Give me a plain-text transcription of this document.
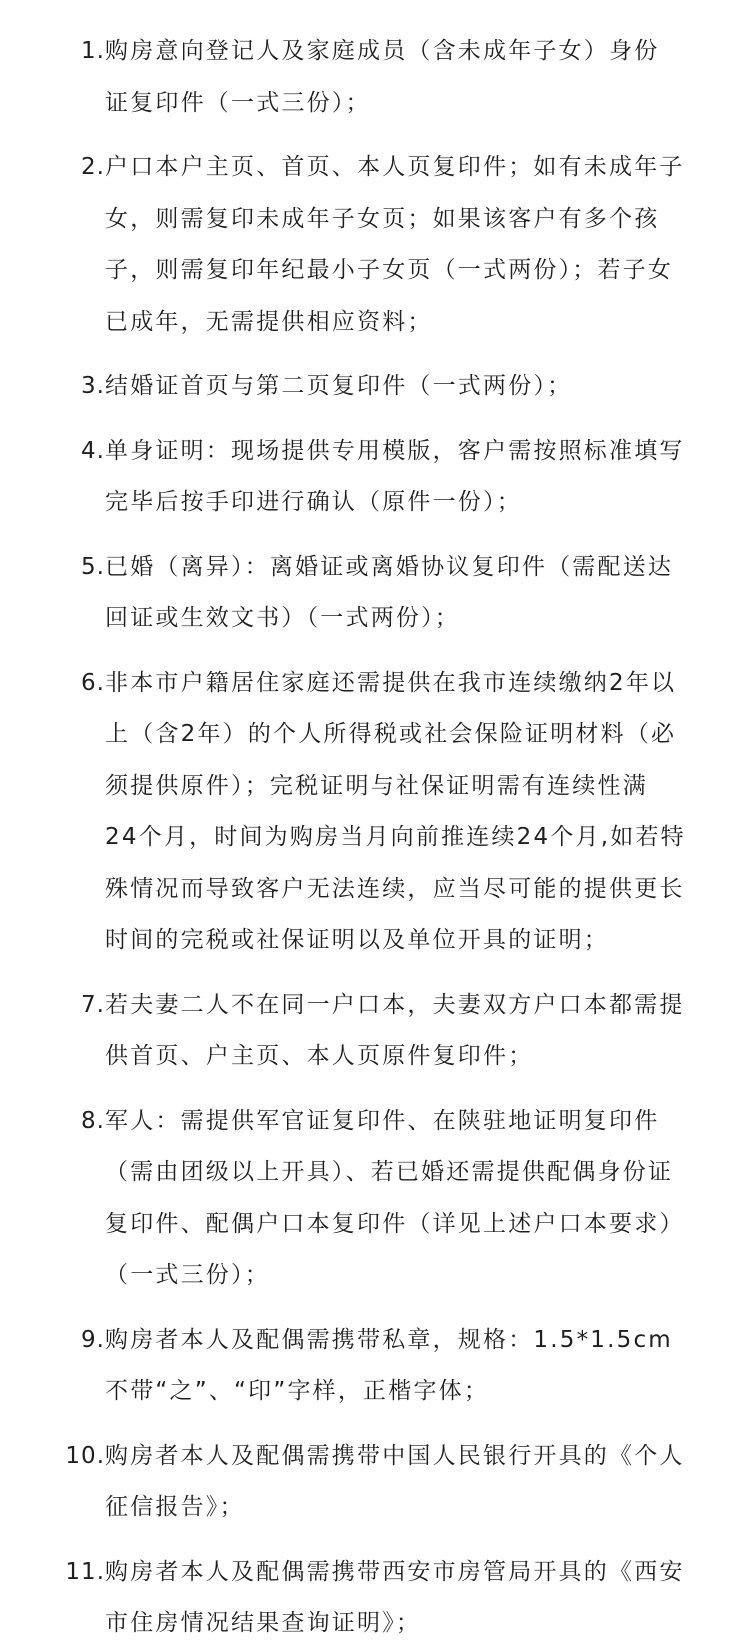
1. 购房意向登记人及家庭成员（含未成年子女）身份
证复印件（一式三份）；
2. 户口本户主页、首页、本人页复印件；如有未成年子
女，则需复印未成年子女页；如果该客户有多个孩
子，则需复印年纪最小子女页（一式两份）；若子女
已成年，无需提供相应资料；
3. 结婚证首页与第二页复印件（一式两份）；
4. 单身证明：现场提供专用模版，客户需按照标准填写
完毕后按手印进行确认（原件一份）；
5. 已婚（离异）：离婚证或离婚协议复印件（需配送达
回证或生效文书）（一式两份）；
6. 非本市户籍居住家庭还需提供在我市连续缴纳2年以
上（含2年）的个人所得税或社会保险证明材料（必
须提供原件）；完税证明与社保证明需有连续性满
24个月，时间为购房当月向前推连续24个月,如若特
殊情况而导致客户无法连续，应当尽可能的提供更长
时间的完税或社保证明以及单位开具的证明；
7. 若夫妻二人不在同一户口本，夫妻双方户口本都需提
供首页、户主页、本人页原件复印件；
8. 军人：需提供军官证复印件、在陕驻地证明复印件
（需由团级以上开具）、若已婚还需提供配偶身份证
复印件、配偶户口本复印件（详见上述户口本要求）
（一式三份）；
9. 购房者本人及配偶需携带私章，规格：1.5*1.5cm
不带“之”、“印”字样，正楷字体；
10. 购房者本人及配偶需携带中国人民银行开具的《个人
征信报告》；
11. 购房者本人及配偶需携带西安市房管局开具的《西安
市住房情况结果查询证明》；
